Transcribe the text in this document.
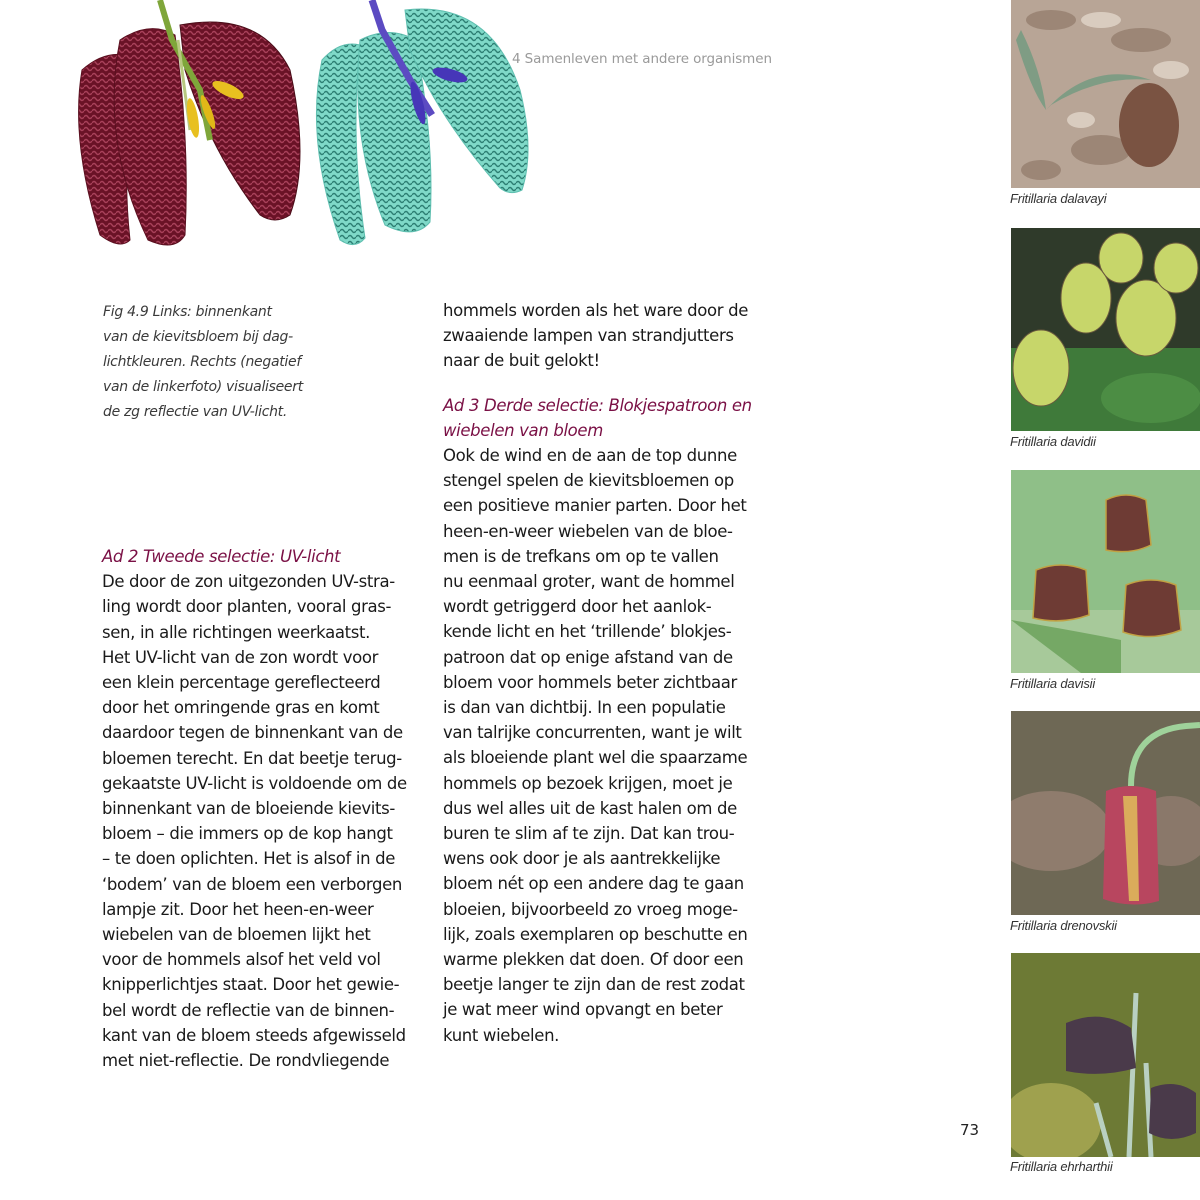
4 Samenleven met andere organismen
Fig 4.9 Links: binnenkant
van de kievitsbloem bij dag-
lichtkleuren. Rechts (negatief
van de linkerfoto) visualiseert
de zg reflectie van UV-licht.

Ad 2 Tweede selectie: UV-licht

De door de zon uitgezonden UV-stra-

ling wordt door planten, vooral gras-

sen, in alle richtingen weerkaatst.

Het UV-licht van de zon wordt voor

een klein percentage gereflecteerd

door het omringende gras en komt

daardoor tegen de binnenkant van de

bloemen terecht. En dat beetje terug-

gekaatste UV-licht is voldoende om de

binnenkant van de bloeiende kievits-

bloem – die immers op de kop hangt

– te doen oplichten. Het is alsof in de

‘bodem’ van de bloem een verborgen

lampje zit. Door het heen-en-weer

wiebelen van de bloemen lijkt het

voor de hommels alsof het veld vol

knipperlichtjes staat. Door het gewie-

bel wordt de reflectie van de binnen-

kant van de bloem steeds afgewisseld

met niet-reflectie. De rondvliegende

hommels worden als het ware door de

zwaaiende lampen van strandjutters

naar de buit gelokt!

Ad 3 Derde selectie: Blokjespatroon en

wiebelen van bloem

Ook de wind en de aan de top dunne

stengel spelen de kievitsbloemen op

een positieve manier parten. Door het

heen-en-weer wiebelen van de bloe-

men is de trefkans om op te vallen

nu eenmaal groter, want de hommel

wordt getriggerd door het aanlok-

kende licht en het ‘trillende’ blokjes-

patroon dat op enige afstand van de

bloem voor hommels beter zichtbaar

is dan van dichtbij. In een populatie

van talrijke concurrenten, want je wilt

als bloeiende plant wel die spaarzame

hommels op bezoek krijgen, moet je

dus wel alles uit de kast halen om de

buren te slim af te zijn. Dat kan trou-

wens ook door je als aantrekkelijke

bloem nét op een andere dag te gaan

bloeien, bijvoorbeeld zo vroeg moge-

lijk, zoals exemplaren op beschutte en

warme plekken dat doen. Of door een

beetje langer te zijn dan de rest zodat

je wat meer wind opvangt en beter

kunt wiebelen.

Fritillaria dalavayi
Fritillaria davidii
Fritillaria davisii
Fritillaria drenovskii
Fritillaria ehrharthii
73
